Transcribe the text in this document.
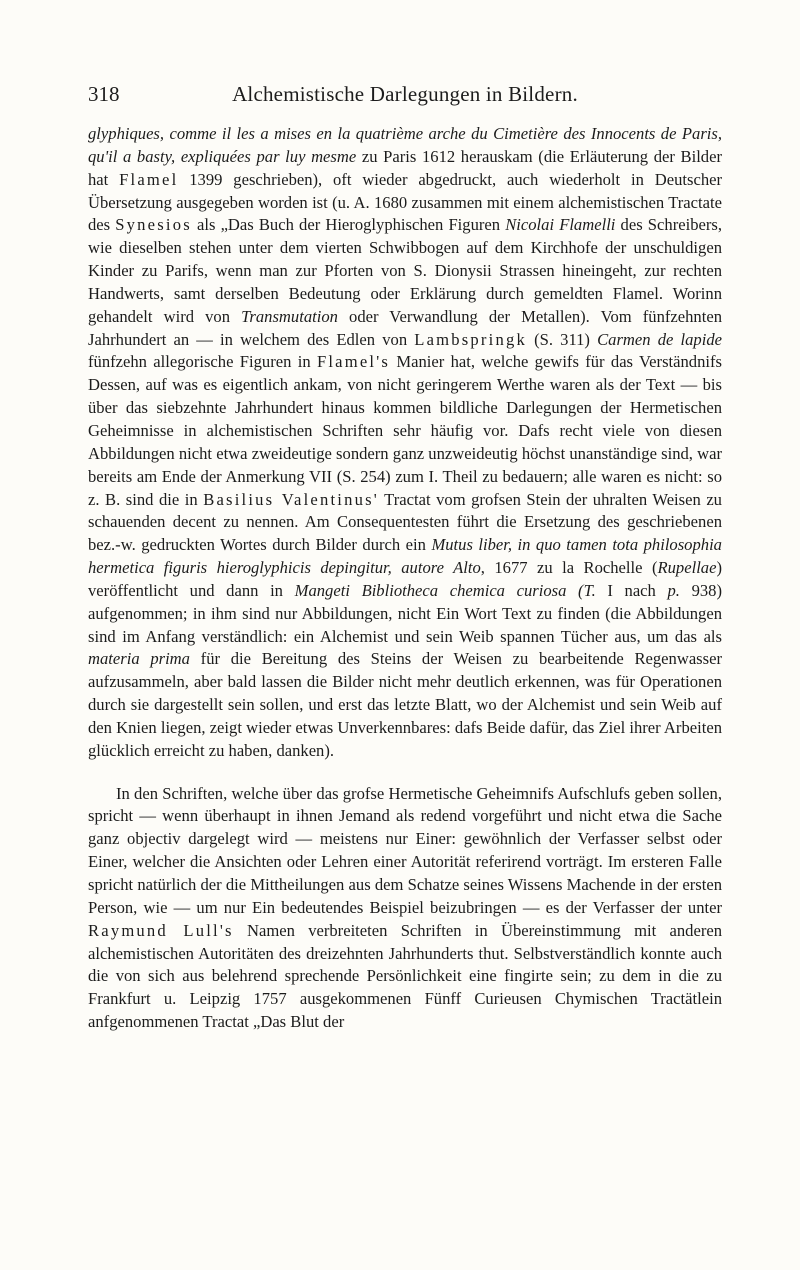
318	Alchemistische Darlegungen in Bildern.

glyphiques, comme il les a mises en la quatrième arche du Cimetière des Innocents de Paris, qu'il a basty, expliquées par luy mesme zu Paris 1612 herauskam (die Erläuterung der Bilder hat Flamel 1399 geschrieben), oft wieder abgedruckt, auch wiederholt in Deutscher Übersetzung ausgegeben worden ist (u. A. 1680 zusammen mit einem alchemistischen Tractate des Synesios als „Das Buch der Hieroglyphischen Figuren Nicolai Flamelli des Schreibers, wie dieselben stehen unter dem vierten Schwibbogen auf dem Kirchhofe der unschuldigen Kinder zu Parifs, wenn man zur Pforten von S. Dionysii Strassen hineingeht, zur rechten Handwerts, samt derselben Bedeutung oder Erklärung durch gemeldten Flamel. Worinn gehandelt wird von Transmutation oder Verwandlung der Metallen). Vom fünfzehnten Jahrhundert an — in welchem des Edlen von Lambspringk (S. 311) Carmen de lapide fünfzehn allegorische Figuren in Flamel's Manier hat, welche gewifs für das Verständnifs Dessen, auf was es eigentlich ankam, von nicht geringerem Werthe waren als der Text — bis über das siebzehnte Jahrhundert hinaus kommen bildliche Darlegungen der Hermetischen Geheimnisse in alchemistischen Schriften sehr häufig vor. Dafs recht viele von diesen Abbildungen nicht etwa zweideutige sondern ganz unzweideutig höchst unanständige sind, war bereits am Ende der Anmerkung VII (S. 254) zum I. Theil zu bedauern; alle waren es nicht: so z. B. sind die in Basilius Valentinus' Tractat vom grofsen Stein der uhralten Weisen zu schauenden decent zu nennen. Am Consequentesten führt die Ersetzung des geschriebenen bez.-w. gedruckten Wortes durch Bilder durch ein Mutus liber, in quo tamen tota philosophia hermetica figuris hieroglyphicis depingitur, autore Alto, 1677 zu la Rochelle (Rupellae) veröffentlicht und dann in Mangeti Bibliotheca chemica curiosa (T. I nach p. 938) aufgenommen; in ihm sind nur Abbildungen, nicht Ein Wort Text zu finden (die Abbildungen sind im Anfang verständlich: ein Alchemist und sein Weib spannen Tücher aus, um das als materia prima für die Bereitung des Steins der Weisen zu bearbeitende Regenwasser aufzusammeln, aber bald lassen die Bilder nicht mehr deutlich erkennen, was für Operationen durch sie dargestellt sein sollen, und erst das letzte Blatt, wo der Alchemist und sein Weib auf den Knien liegen, zeigt wieder etwas Unverkennbares: dafs Beide dafür, das Ziel ihrer Arbeiten glücklich erreicht zu haben, danken).

In den Schriften, welche über das grofse Hermetische Geheimnifs Aufschlufs geben sollen, spricht — wenn überhaupt in ihnen Jemand als redend vorgeführt und nicht etwa die Sache ganz objectiv dargelegt wird — meistens nur Einer: gewöhnlich der Verfasser selbst oder Einer, welcher die Ansichten oder Lehren einer Autorität referirend vorträgt. Im ersteren Falle spricht natürlich der die Mittheilungen aus dem Schatze seines Wissens Machende in der ersten Person, wie — um nur Ein bedeutendes Beispiel beizubringen — es der Verfasser der unter Raymund Lull's Namen verbreiteten Schriften in Übereinstimmung mit anderen alchemistischen Autoritäten des dreizehnten Jahrhunderts thut. Selbstverständlich konnte auch die von sich aus belehrend sprechende Persönlichkeit eine fingirte sein; zu dem in die zu Frankfurt u. Leipzig 1757 ausgekommenen Fünff Curieusen Chymischen Tractätlein anfgenommenen Tractat „Das Blut der
